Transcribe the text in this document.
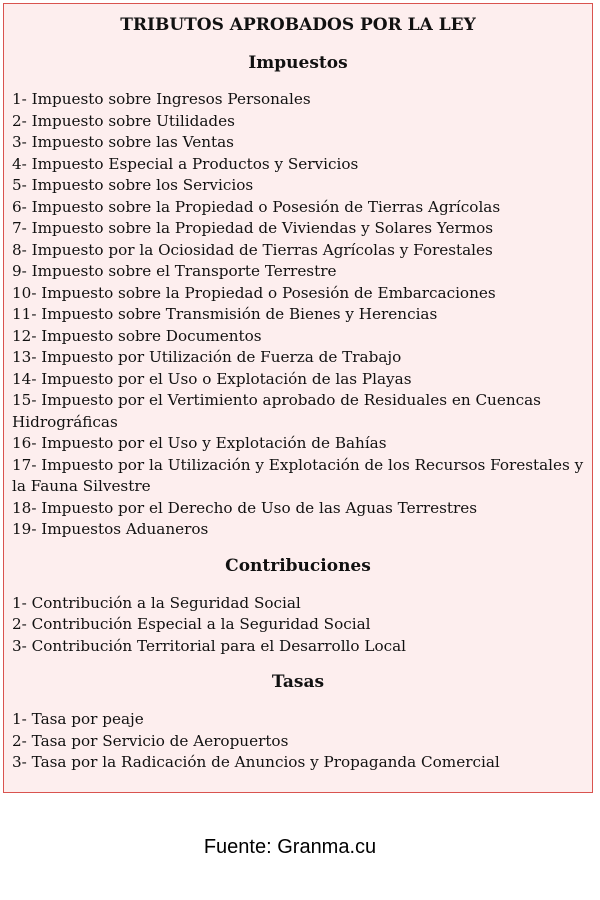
TRIBUTOS APROBADOS POR LA LEY
Impuestos
1- Impuesto sobre Ingresos Personales
2- Impuesto sobre Utilidades
3- Impuesto sobre las Ventas
4- Impuesto Especial a Productos y Servicios
5- Impuesto sobre los Servicios
6- Impuesto sobre la Propiedad o Posesión de Tierras Agrícolas
7- Impuesto sobre la Propiedad de Viviendas y Solares Yermos
8- Impuesto por la Ociosidad de Tierras Agrícolas y Forestales
9- Impuesto sobre el Transporte Terrestre
10- Impuesto sobre la Propiedad o Posesión de Embarcaciones
11- Impuesto sobre Transmisión de Bienes y Herencias
12- Impuesto sobre Documentos
13- Impuesto por Utilización de Fuerza de Trabajo
14- Impuesto por el Uso o Explotación de las Playas
15- Impuesto por el Vertimiento aprobado de Residuales en Cuencas Hidrográficas
16- Impuesto por el Uso y Explotación de Bahías
17- Impuesto por la Utilización y Explotación de los Recursos Forestales y la Fauna Silvestre
18- Impuesto por el Derecho de Uso de las Aguas Terrestres
19- Impuestos Aduaneros
Contribuciones
1- Contribución a la Seguridad Social
2- Contribución Especial a la Seguridad Social
3- Contribución Territorial para el Desarrollo Local
Tasas
1- Tasa por peaje
2- Tasa por Servicio de Aeropuertos
3- Tasa por la Radicación de Anuncios y Propaganda Comercial
Fuente: Granma.cu
